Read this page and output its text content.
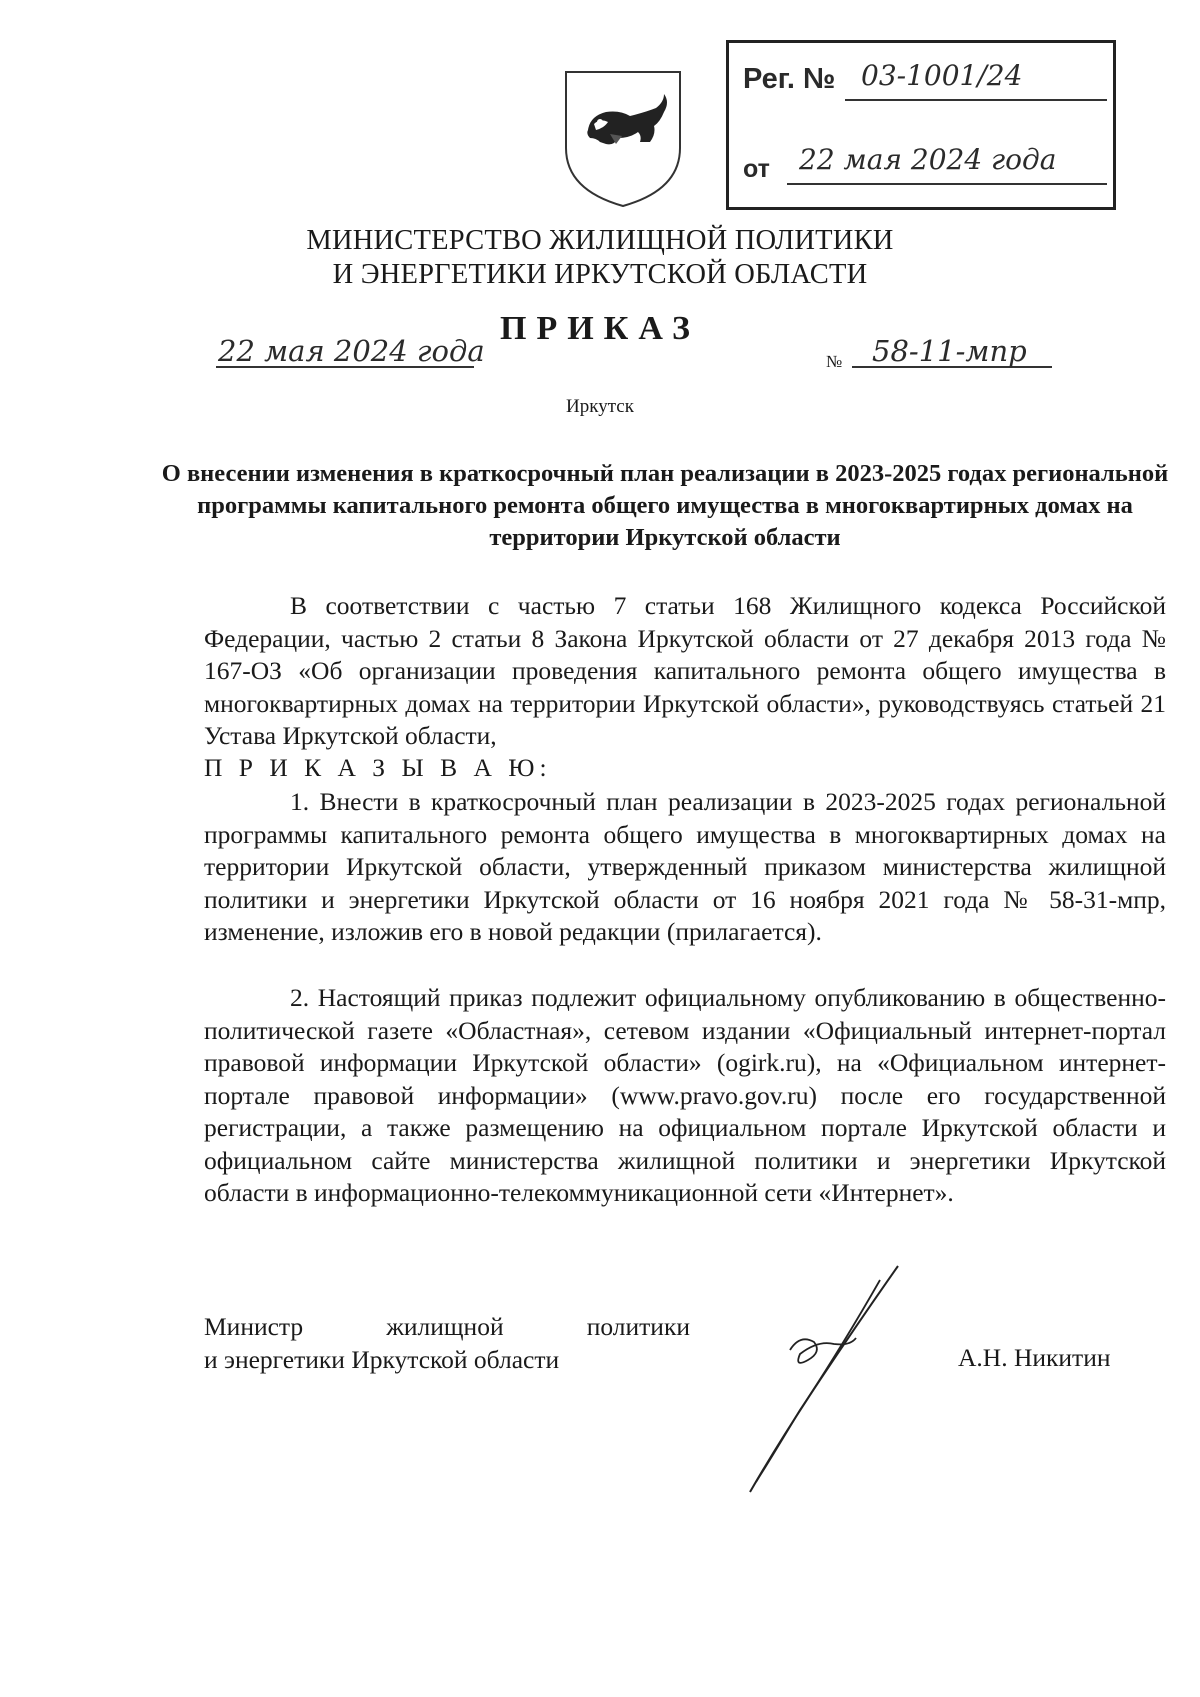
Рег. № 03-1001/24
от 22 мая 2024 года
МИНИСТЕРСТВО ЖИЛИЩНОЙ ПОЛИТИКИ
И ЭНЕРГЕТИКИ ИРКУТСКОЙ ОБЛАСТИ
ПРИКАЗ
22 мая 2024 года	№ 58-11-мпр
Иркутск
О внесении изменения в краткосрочный план реализации в 2023-2025 годах региональной программы капитального ремонта общего имущества в многоквартирных домах на территории Иркутской области
В соответствии с частью 7 статьи 168 Жилищного кодекса Российской Федерации, частью 2 статьи 8 Закона Иркутской области от 27 декабря 2013 года № 167-ОЗ «Об организации проведения капитального ремонта общего имущества в многоквартирных домах на территории Иркутской области», руководствуясь статьей 21 Устава Иркутской области,
П Р И К А З Ы В А Ю:
1. Внести в краткосрочный план реализации в 2023-2025 годах региональной программы капитального ремонта общего имущества в многоквартирных домах на территории Иркутской области, утвержденный приказом министерства жилищной политики и энергетики Иркутской области от 16 ноября 2021 года № 58-31-мпр, изменение, изложив его в новой редакции (прилагается).
2. Настоящий приказ подлежит официальному опубликованию в общественно-политической газете «Областная», сетевом издании «Официальный интернет-портал правовой информации Иркутской области» (ogirk.ru), на «Официальном интернет-портале правовой информации» (www.pravo.gov.ru) после его государственной регистрации, а также размещению на официальном портале Иркутской области и официальном сайте министерства жилищной политики и энергетики Иркутской области в информационно-телекоммуникационной сети «Интернет».
Министр жилищной политики
и энергетики Иркутской области	А.Н. Никитин
